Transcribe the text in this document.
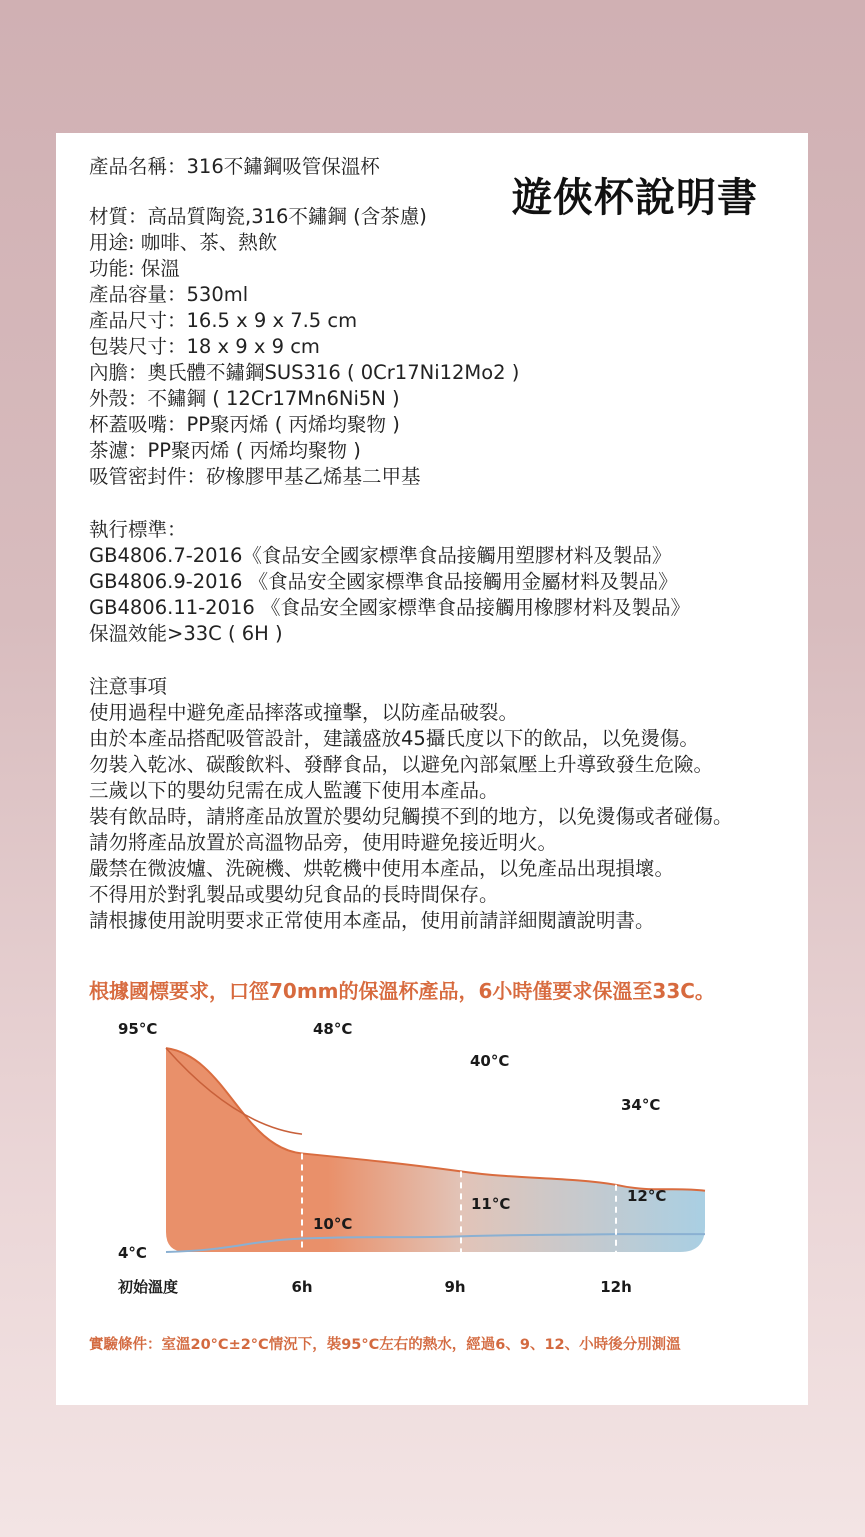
遊俠杯說明書
產品名稱：316不鏽鋼吸管保溫杯
材質：高品質陶瓷,316不鏽鋼 (含茶慮)
用途: 咖啡、茶、熱飲
功能: 保溫
產品容量：530ml
產品尺寸：16.5 x 9 x 7.5 cm
包裝尺寸：18 x 9 x 9 cm
內膽：奧氏體不鏽鋼SUS316 ( 0Cr17Ni12Mo2 )
外殼：不鏽鋼 ( 12Cr17Mn6Ni5N )
杯蓋吸嘴：PP聚丙烯 ( 丙烯均聚物 )
茶濾：PP聚丙烯 ( 丙烯均聚物 )
吸管密封件：矽橡膠甲基乙烯基二甲基
執行標準：
GB4806.7-2016《食品安全國家標準食品接觸用塑膠材料及製品》
GB4806.9-2016 《食品安全國家標準食品接觸用金屬材料及製品》
GB4806.11-2016 《食品安全國家標準食品接觸用橡膠材料及製品》
保溫效能>33C ( 6H )
注意事項
使用過程中避免產品摔落或撞擊，以防產品破裂。
由於本產品搭配吸管設計，建議盛放45攝氏度以下的飲品，以免燙傷。
勿裝入乾冰、碳酸飲料、發酵食品，以避免內部氣壓上升導致發生危險。
三歲以下的嬰幼兒需在成人監護下使用本產品。
裝有飲品時，請將產品放置於嬰幼兒觸摸不到的地方，以免燙傷或者碰傷。
請勿將產品放置於高溫物品旁，使用時避免接近明火。
嚴禁在微波爐、洗碗機、烘乾機中使用本產品，以免產品出現損壞。
不得用於對乳製品或嬰幼兒食品的長時間保存。
請根據使用說明要求正常使用本產品，使用前請詳細閱讀說明書。
根據國標要求，口徑70mm的保溫杯產品，6小時僅要求保溫至33C。
95°C	48°C
40°C
34°C
4°C
10°C
11°C	12°C
初始溫度	6h	9h	12h

實驗條件：室溫20°C±2°C情況下，裝95°C左右的熱水，經過6、9、12、小時後分別測溫
